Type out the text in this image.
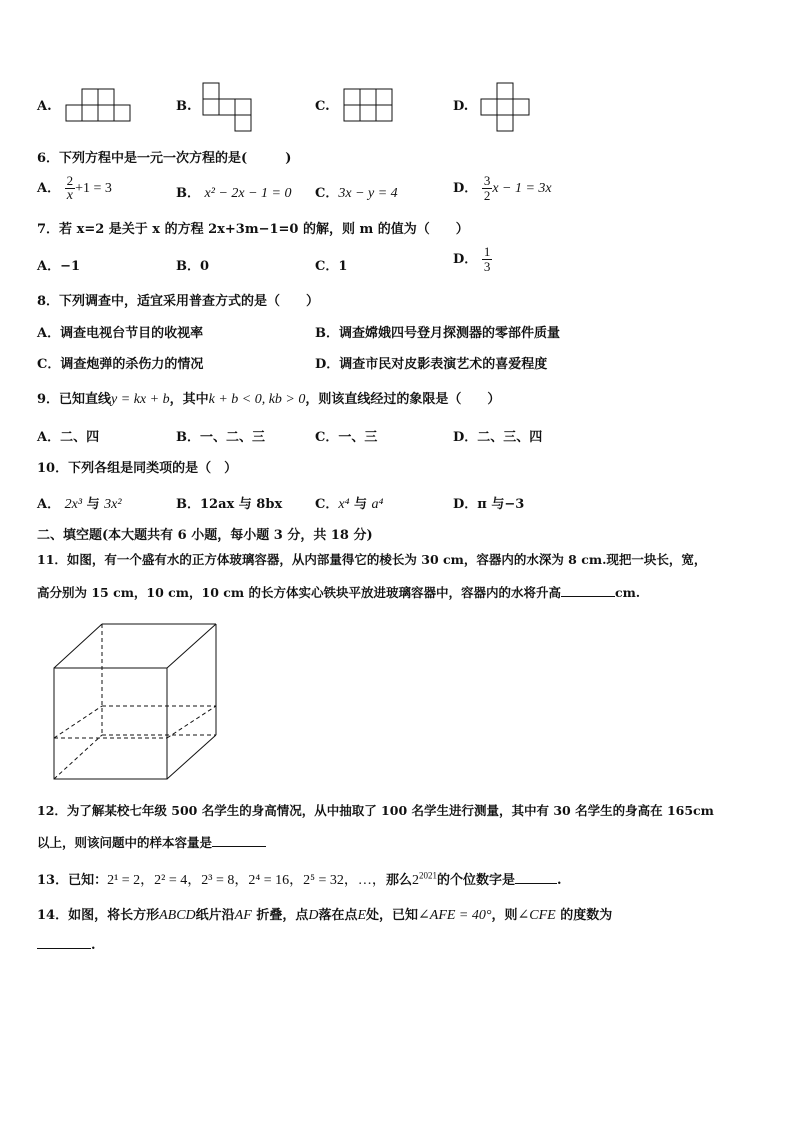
A.	B.	C.	D.
6．下列方程中是一元一次方程的是(	)
A． $\frac{2}{x} +1 = 3$	B． x² − 2x − 1 = 0 C．3x − y = 4	D． $\frac{3}{2}$ x − 1 = 3x
7．若 x=2 是关于 x 的方程 2x+3m−1=0 的解，则 m 的值为（　　）
A．−1	B．0	C．1	D． $\frac{1}{3}$
8．下列调查中，适宜采用普查方式的是（　　）
A．调查电视台节目的收视率	B．调查嫦娥四号登月探测器的零部件质量
C．调查炮弹的杀伤力的情况	D．调查市民对皮影表演艺术的喜爱程度
9．已知直线y = kx + b，其中k + b < 0, kb > 0，则该直线经过的象限是（　　）
A．二、四	B．一、二、三	C．一、三	D．二、三、四
10．下列各组是同类项的是（　）
A． 2x³ 与 3x²	B．12ax 与 8bx	C．x⁴ 与 a⁴	D．π 与−3
二、填空题(本大题共有 6 小题，每小题 3 分，共 18 分)
11．如图，有一个盛有水的正方体玻璃容器，从内部量得它的棱长为 30 cm，容器内的水深为 8 cm.现把一块长，宽，
高分别为 15 cm，10 cm，10 cm 的长方体实心铁块平放进玻璃容器中，容器内的水将升高	cm.
12．为了解某校七年级 500 名学生的身高情况，从中抽取了 100 名学生进行测量，其中有 30 名学生的身高在 165cm
以上，则该问题中的样本容量是
13．已知：2¹ = 2，2² = 4，2³ = 8，2⁴ = 16，2⁵ = 32，…，那么$2^{2021}$的个位数字是	.
14．如图，将长方形ABCD纸片沿AF 折叠，点D落在点E处，已知∠AFE = 40°，则∠CFE 的度数为
.
